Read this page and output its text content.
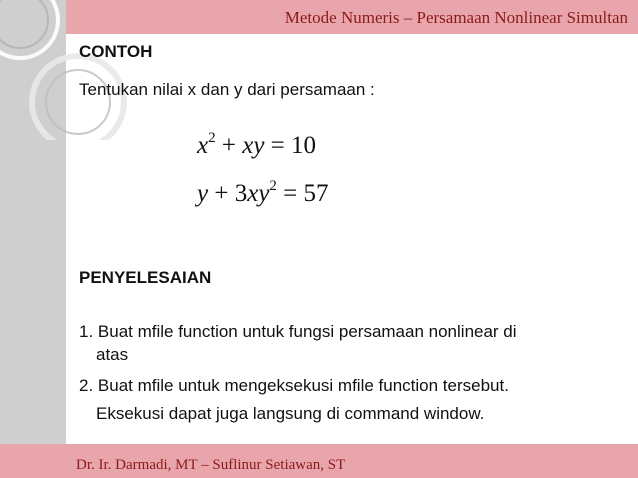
Metode Numeris – Persamaan Nonlinear Simultan
CONTOH
Tentukan nilai x dan y dari persamaan :
$x^2$ + xy = 10
$y + 3xy^2 = 57$
PENYELESAIAN
1. Buat mfile function untuk fungsi persamaan nonlinear di
atas
2. Buat mfile untuk mengeksekusi mfile function tersebut.
Eksekusi dapat juga langsung di command window.
Dr. Ir. Darmadi, MT – Suflinur Setiawan, ST
